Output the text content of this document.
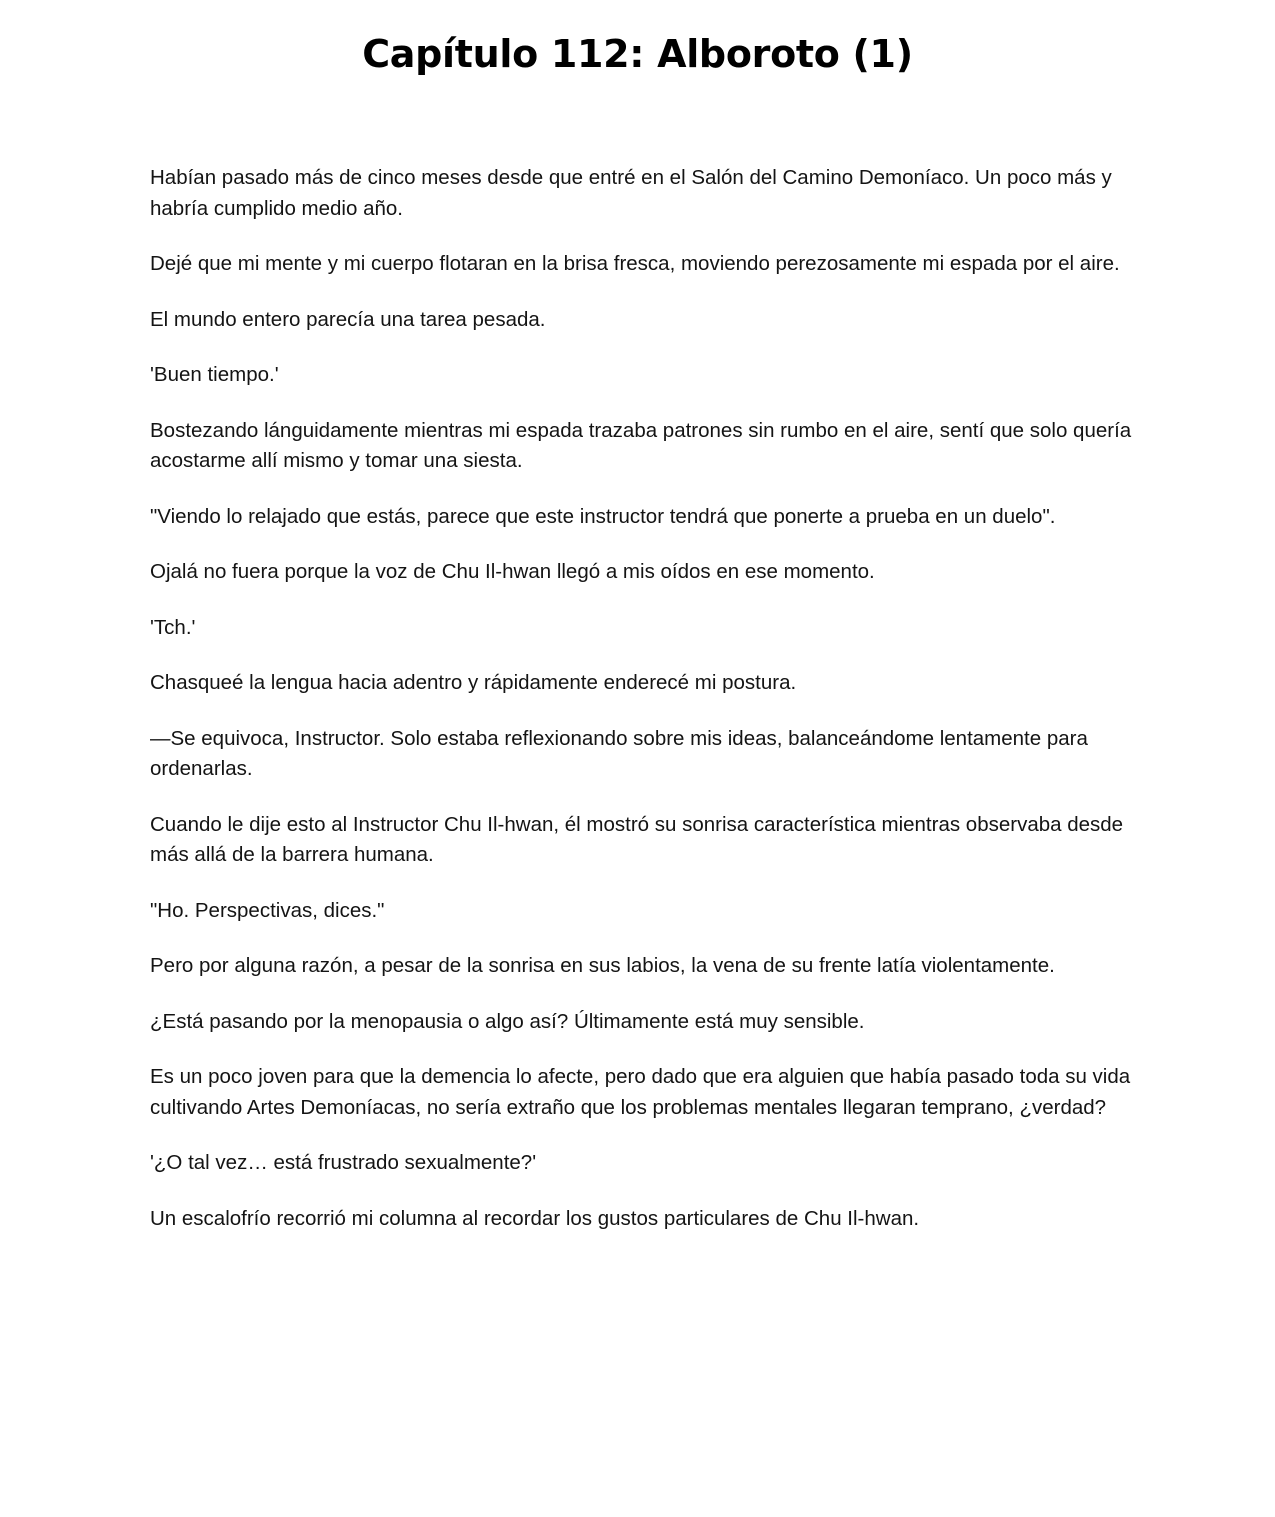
Capítulo 112: Alboroto (1)

Habían pasado más de cinco meses desde que entré en el Salón del Camino Demoníaco. Un poco más y habría cumplido medio año.

Dejé que mi mente y mi cuerpo flotaran en la brisa fresca, moviendo perezosamente mi espada por el aire.

El mundo entero parecía una tarea pesada.

'Buen tiempo.'

Bostezando lánguidamente mientras mi espada trazaba patrones sin rumbo en el aire, sentí que solo quería acostarme allí mismo y tomar una siesta.

"Viendo lo relajado que estás, parece que este instructor tendrá que ponerte a prueba en un duelo".

Ojalá no fuera porque la voz de Chu Il-hwan llegó a mis oídos en ese momento.

'Tch.'

Chasqueé la lengua hacia adentro y rápidamente enderecé mi postura.

—Se equivoca, Instructor. Solo estaba reflexionando sobre mis ideas, balanceándome lentamente para ordenarlas.

Cuando le dije esto al Instructor Chu Il-hwan, él mostró su sonrisa característica mientras observaba desde más allá de la barrera humana.

"Ho. Perspectivas, dices."

Pero por alguna razón, a pesar de la sonrisa en sus labios, la vena de su frente latía violentamente.

¿Está pasando por la menopausia o algo así? Últimamente está muy sensible.

Es un poco joven para que la demencia lo afecte, pero dado que era alguien que había pasado toda su vida cultivando Artes Demoníacas, no sería extraño que los problemas mentales llegaran temprano, ¿verdad?

'¿O tal vez… está frustrado sexualmente?'

Un escalofrío recorrió mi columna al recordar los gustos particulares de Chu Il-hwan.
